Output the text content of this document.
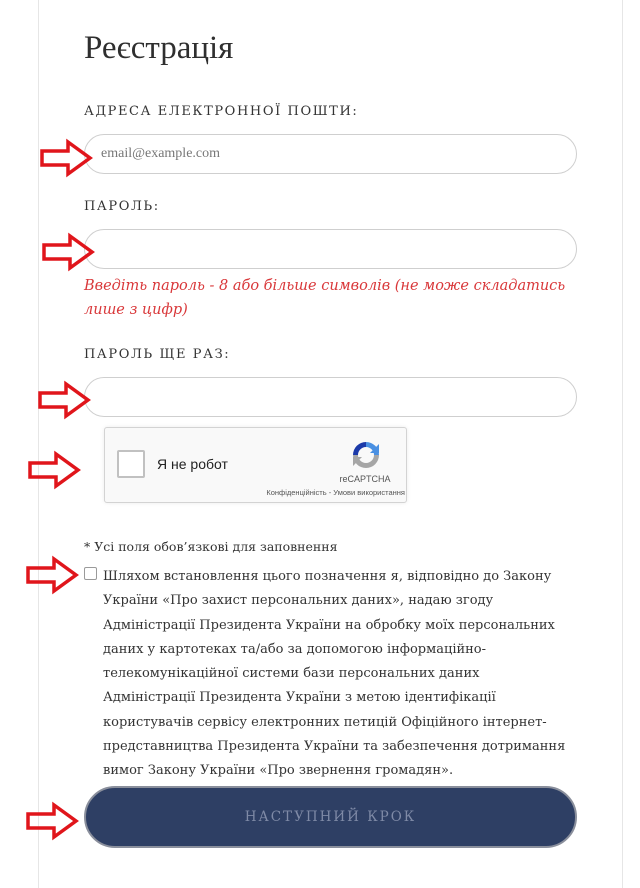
Реєстрація
АДРЕСА ЕЛЕКТРОННОЇ ПОШТИ:
email@example.com
ПАРОЛЬ:
Введіть пароль - 8 або більше символів (не може складатись лише з цифр)
ПАРОЛЬ ЩЕ РАЗ:
Я не робот
reCAPTCHA
Конфіденційність - Умови використання
* Усі поля обов’язкові для заповнення
Шляхом встановлення цього позначення я, відповідно до Закону України «Про захист персональних даних», надаю згоду Адміністрації Президента України на обробку моїх персональних даних у картотеках та/або за допомогою інформаційно-телекомунікаційної системи бази персональних даних Адміністрації Президента України з метою ідентифікації користувачів сервісу електронних петицій Офіційного інтернет-представництва Президента України та забезпечення дотримання вимог Закону України «Про звернення громадян».
НАСТУПНИЙ КРОК
